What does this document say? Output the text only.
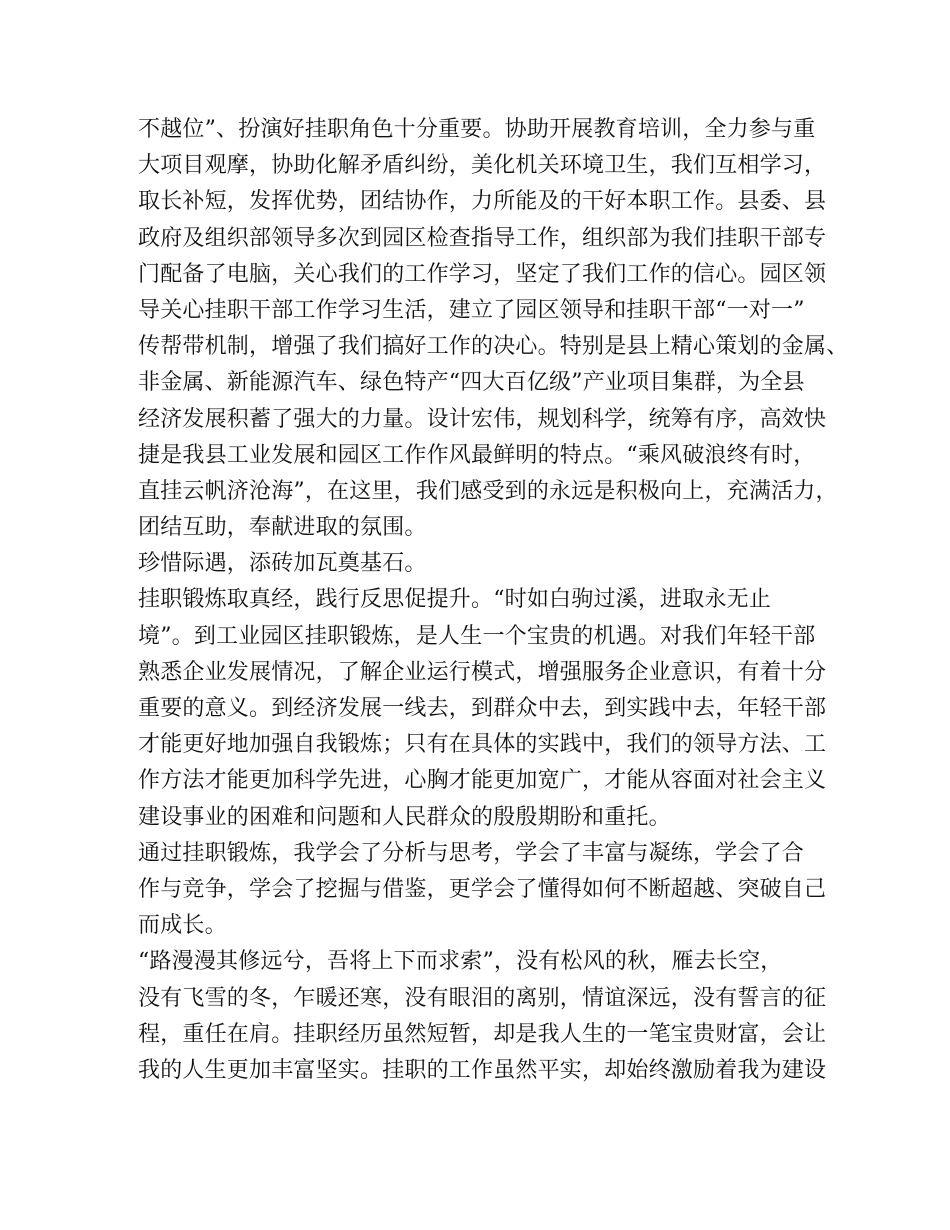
不越位”、扮演好挂职角色十分重要。协助开展教育培训，全力参与重
大项目观摩，协助化解矛盾纠纷，美化机关环境卫生，我们互相学习，
取长补短，发挥优势，团结协作，力所能及的干好本职工作。县委、县
政府及组织部领导多次到园区检查指导工作，组织部为我们挂职干部专
门配备了电脑，关心我们的工作学习，坚定了我们工作的信心。园区领
导关心挂职干部工作学习生活，建立了园区领导和挂职干部“一对一”
传帮带机制，增强了我们搞好工作的决心。特别是县上精心策划的金属、
非金属、新能源汽车、绿色特产“四大百亿级”产业项目集群，为全县
经济发展积蓄了强大的力量。设计宏伟，规划科学，统筹有序，高效快
捷是我县工业发展和园区工作作风最鲜明的特点。“乘风破浪终有时，
直挂云帆济沧海”，在这里，我们感受到的永远是积极向上，充满活力，
团结互助，奉献进取的氛围。
珍惜际遇，添砖加瓦奠基石。
挂职锻炼取真经，践行反思促提升。“时如白驹过溪，进取永无止
境”。到工业园区挂职锻炼，是人生一个宝贵的机遇。对我们年轻干部
熟悉企业发展情况，了解企业运行模式，增强服务企业意识，有着十分
重要的意义。到经济发展一线去，到群众中去，到实践中去，年轻干部
才能更好地加强自我锻炼；只有在具体的实践中，我们的领导方法、工
作方法才能更加科学先进，心胸才能更加宽广，才能从容面对社会主义
建设事业的困难和问题和人民群众的殷殷期盼和重托。
通过挂职锻炼，我学会了分析与思考，学会了丰富与凝练，学会了合
作与竞争，学会了挖掘与借鉴，更学会了懂得如何不断超越、突破自己
而成长。
“路漫漫其修远兮，吾将上下而求索”，没有松风的秋，雁去长空，
没有飞雪的冬，乍暖还寒，没有眼泪的离别，情谊深远，没有誓言的征
程，重任在肩。挂职经历虽然短暂，却是我人生的一笔宝贵财富，会让
我的人生更加丰富坚实。挂职的工作虽然平实，却始终激励着我为建设
